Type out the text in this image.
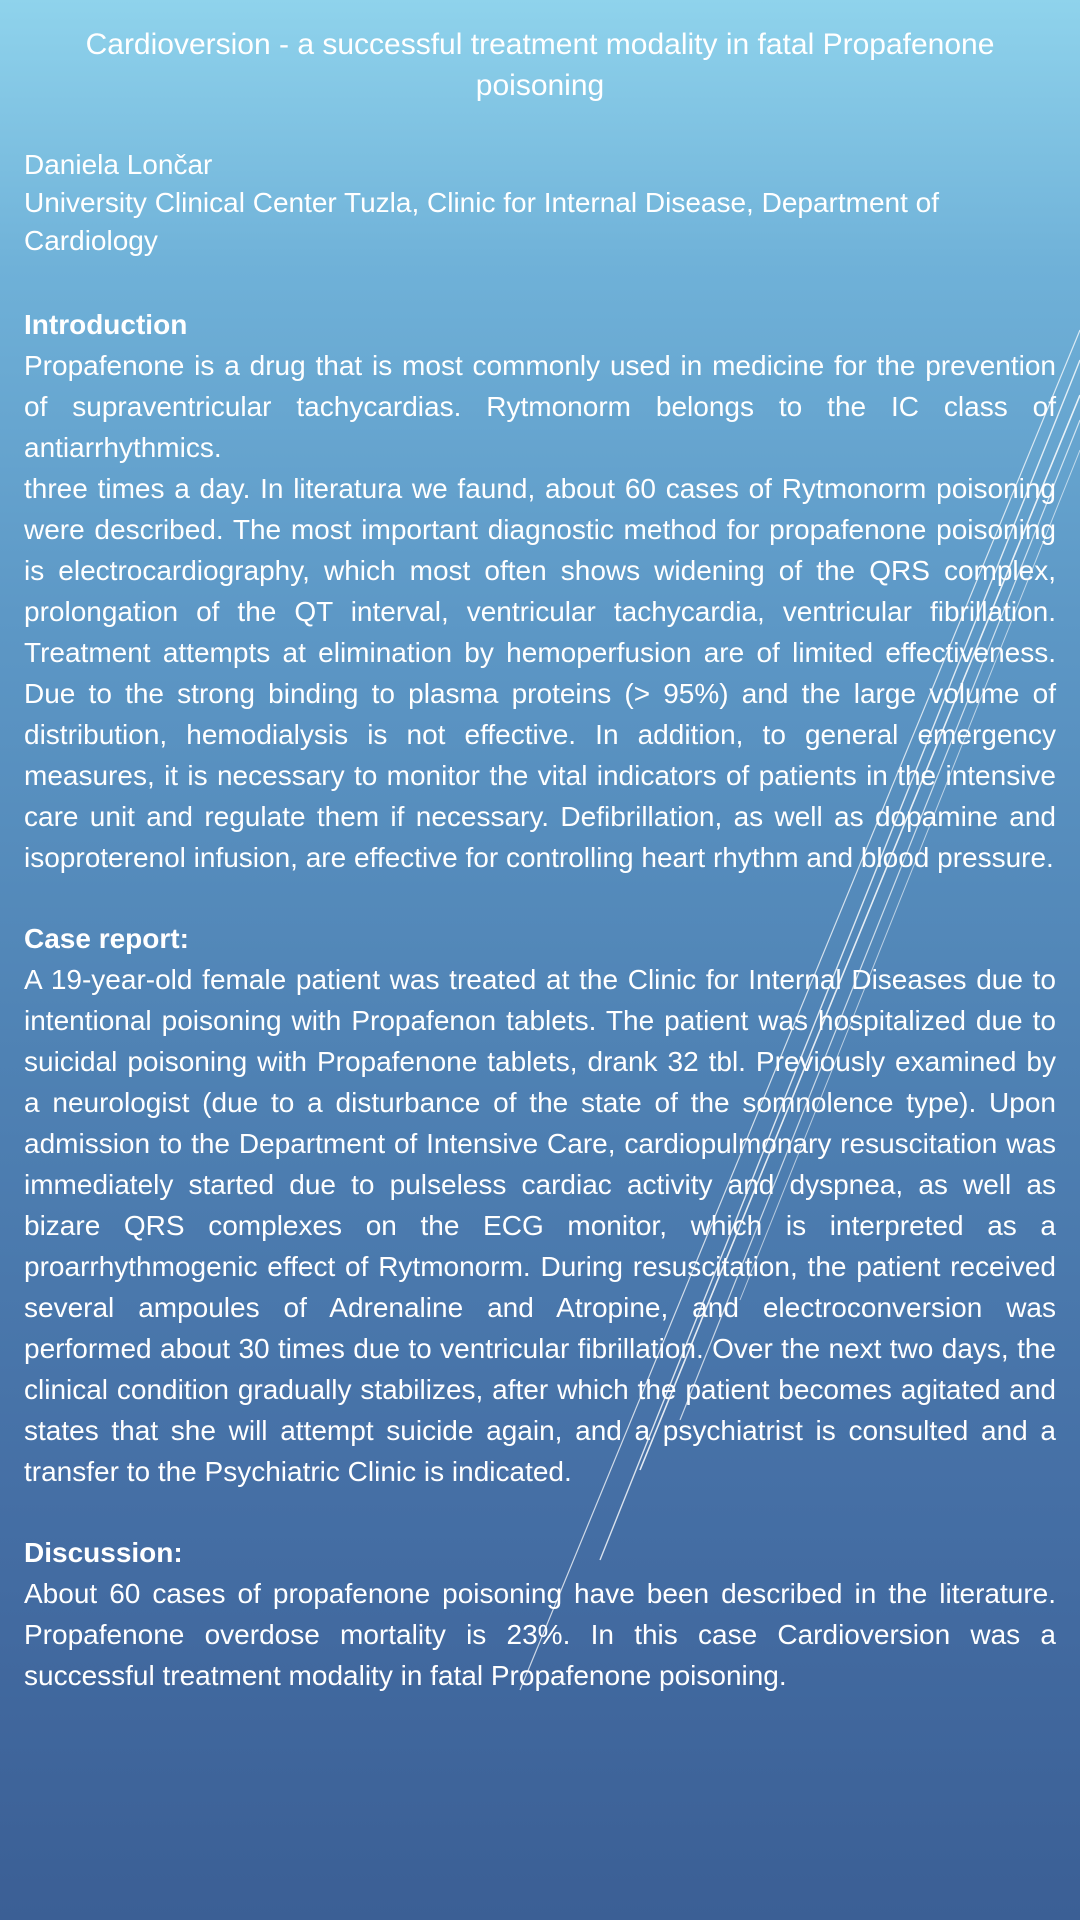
Cardioversion - a successful treatment modality in fatal Propafenone poisoning

Daniela Lončar

University Clinical Center Tuzla, Clinic for Internal Disease, Department of Cardiology

Introduction

Propafenone is a drug that is most commonly used in medicine for the prevention of supraventricular tachycardias. Rytmonorm belongs to the IC class of antiarrhythmics.

three times a day. In literatura we faund, about 60 cases of Rytmonorm poisoning were described. The most important diagnostic method for propafenone poisoning is electrocardiography, which most often shows widening of the QRS complex, prolongation of the QT interval, ventricular tachycardia, ventricular fibrillation. Treatment attempts at elimination by hemoperfusion are of limited effectiveness. Due to the strong binding to plasma proteins (> 95%) and the large volume of distribution, hemodialysis is not effective. In addition, to general emergency measures, it is necessary to monitor the vital indicators of patients in the intensive care unit and regulate them if necessary. Defibrillation, as well as dopamine and isoproterenol infusion, are effective for controlling heart rhythm and blood pressure.

Case report:

A 19-year-old female patient was treated at the Clinic for Internal Diseases due to intentional poisoning with Propafenon tablets. The patient was hospitalized due to suicidal poisoning with Propafenone tablets, drank 32 tbl. Previously examined by a neurologist (due to a disturbance of the state of the somnolence type). Upon admission to the Department of Intensive Care, cardiopulmonary resuscitation was immediately started due to pulseless cardiac activity and dyspnea, as well as bizare QRS complexes on the ECG monitor, which is interpreted as a proarrhythmogenic effect of Rytmonorm. During resuscitation, the patient received several ampoules of Adrenaline and Atropine, and electroconversion was performed about 30 times due to ventricular fibrillation. Over the next two days, the clinical condition gradually stabilizes, after which the patient becomes agitated and states that she will attempt suicide again, and a psychiatrist is consulted and a transfer to the Psychiatric Clinic is indicated.

Discussion:

About 60 cases of propafenone poisoning have been described in the literature. Propafenone overdose mortality is 23%. In this case Cardioversion was a successful treatment modality in fatal Propafenone poisoning.
